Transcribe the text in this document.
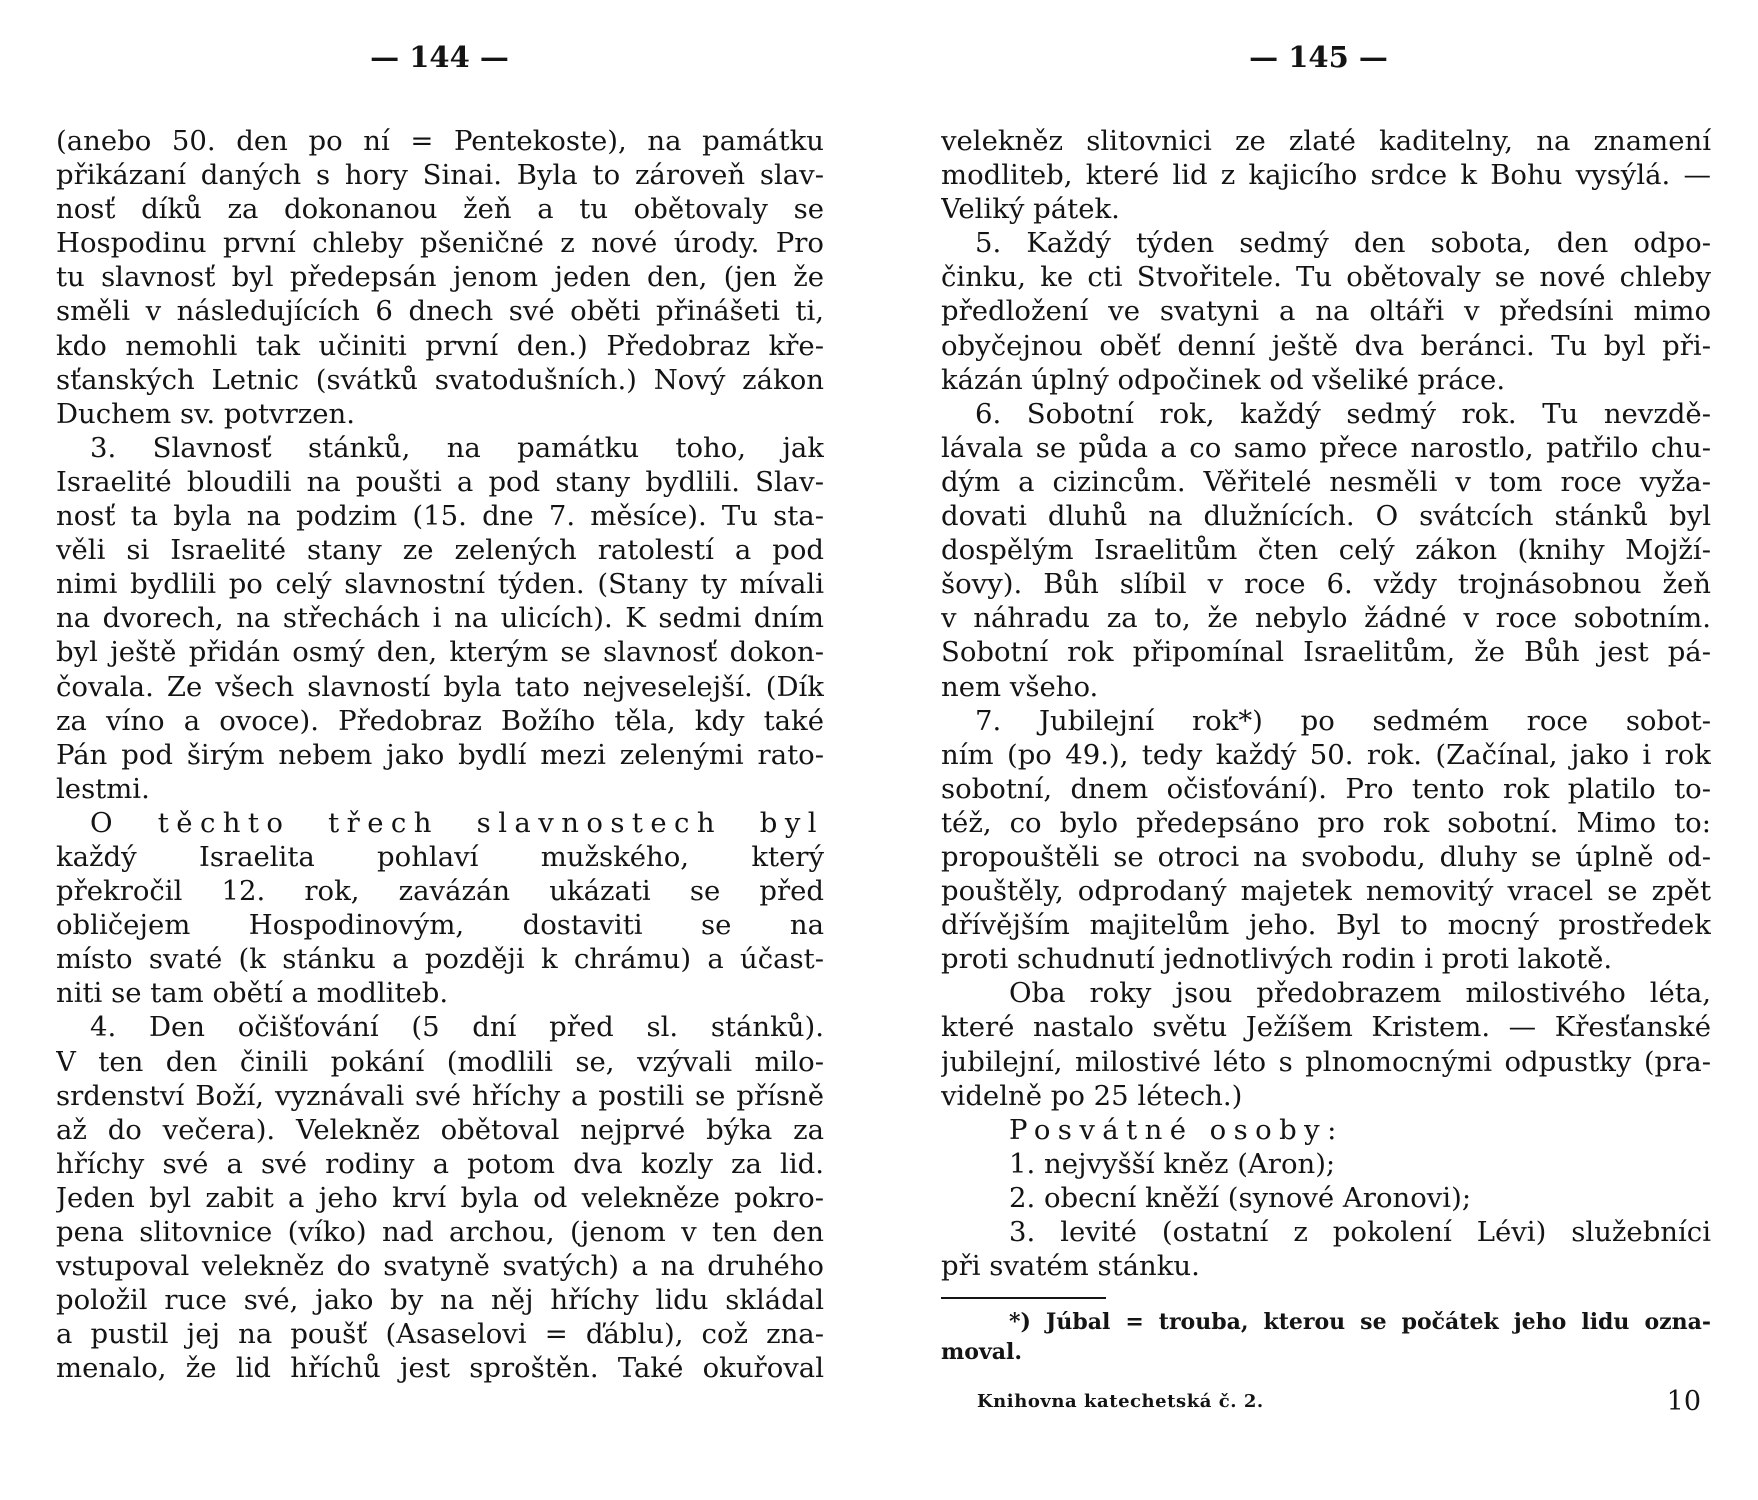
— 144 —
(anebo 50. den po ní = Pentekoste), na památku
přikázaní daných s hory Sinai. Byla to zároveň slav-
nosť díků za dokonanou žeň a tu obětovaly se
Hospodinu první chleby pšeničné z nové úrody. Pro
tu slavnosť byl předepsán jenom jeden den, (jen že
směli v následujících 6 dnech své oběti přinášeti ti,
kdo nemohli tak učiniti první den.) Předobraz kře-
sťanských Letnic (svátků svatodušních.) Nový zákon
Duchem sv. potvrzen.
3. Slavnosť stánků, na památku toho, jak
Israelité bloudili na poušti a pod stany bydlili. Slav-
nosť ta byla na podzim (15. dne 7. měsíce). Tu sta-
věli si Israelité stany ze zelených ratolestí a pod
nimi bydlili po celý slavnostní týden. (Stany ty mívali
na dvorech, na střechách i na ulicích). K sedmi dním
byl ještě přidán osmý den, kterým se slavnosť dokon-
čovala. Ze všech slavností byla tato nejveselejší. (Dík
za víno a ovoce). Předobraz Božího těla, kdy také
Pán pod širým nebem jako bydlí mezi zelenými rato-
lestmi.
O těchto třech slavnostech byl
každý Israelita pohlaví mužského, který
překročil 12. rok, zavázán ukázati se před
obličejem Hospodinovým, dostaviti se na
místo svaté (k stánku a později k chrámu) a účast-
niti se tam obětí a modliteb.
4. Den očišťování (5 dní před sl. stánků).
V ten den činili pokání (modlili se, vzývali milo-
srdenství Boží, vyznávali své hříchy a postili se přísně
až do večera). Velekněz obětoval nejprvé býka za
hříchy své a své rodiny a potom dva kozly za lid.
Jeden byl zabit a jeho krví byla od velekněze pokro-
pena slitovnice (víko) nad archou, (jenom v ten den
vstupoval velekněz do svatyně svatých) a na druhého
položil ruce své, jako by na něj hříchy lidu skládal
a pustil jej na poušť (Asaselovi = ďáblu), což zna-
menalo, že lid hříchů jest sproštěn. Také okuřoval
— 145 —
velekněz slitovnici ze zlaté kaditelny, na znamení
modliteb, které lid z kajicího srdce k Bohu vysýlá. —
Veliký pátek.
5. Každý týden sedmý den sobota, den odpo-
činku, ke cti Stvořitele. Tu obětovaly se nové chleby
předložení ve svatyni a na oltáři v předsíni mimo
obyčejnou oběť denní ještě dva beránci. Tu byl při-
kázán úplný odpočinek od všeliké práce.
6. Sobotní rok, každý sedmý rok. Tu nevzdě-
lávala se půda a co samo přece narostlo, patřilo chu-
dým a cizincům. Věřitelé nesměli v tom roce vyža-
dovati dluhů na dlužnících. O svátcích stánků byl
dospělým Israelitům čten celý zákon (knihy Mojží-
šovy). Bůh slíbil v roce 6. vždy trojnásobnou žeň
v náhradu za to, že nebylo žádné v roce sobotním.
Sobotní rok připomínal Israelitům, že Bůh jest pá-
nem všeho.
7. Jubilejní rok*) po sedmém roce sobot-
ním (po 49.), tedy každý 50. rok. (Začínal, jako i rok
sobotní, dnem očisťování). Pro tento rok platilo to-
též, co bylo předepsáno pro rok sobotní. Mimo to:
propouštěli se otroci na svobodu, dluhy se úplně od-
pouštěly, odprodaný majetek nemovitý vracel se zpět
dřívějším majitelům jeho. Byl to mocný prostředek
proti schudnutí jednotlivých rodin i proti lakotě.
Oba roky jsou předobrazem milostivého léta,
které nastalo světu Ježíšem Kristem. — Křesťanské
jubilejní, milostivé léto s plnomocnými odpustky (pra-
videlně po 25 létech.)
Posvátné osoby:
1. nejvyšší kněz (Aron);
2. obecní kněží (synové Aronovi);
3. levité (ostatní z pokolení Lévi) služebníci
při svatém stánku.
*) Júbal = trouba, kterou se počátek jeho lidu ozna-
moval.
Knihovna katechetská č. 2.	10
